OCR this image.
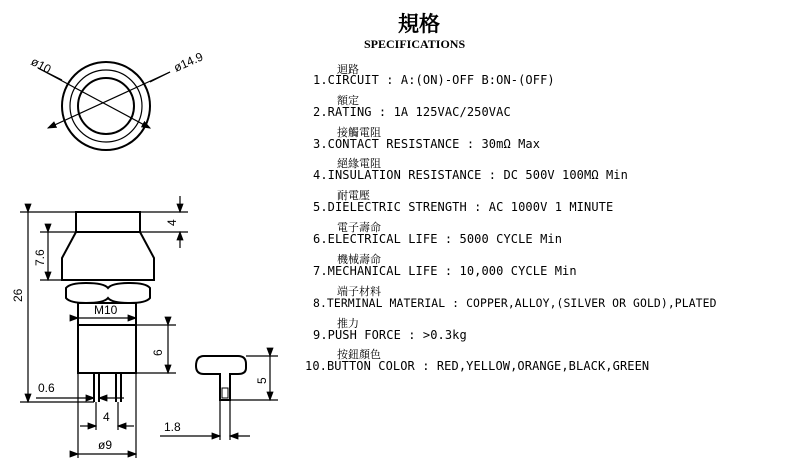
ø10	ø14.9
4
7.6
26
M10
6
5
0.6
4
1.8
ø9
規格
SPECIFICATIONS
迴路
1.CIRCUIT : A:(ON)-OFF B:ON-(OFF)
額定
2.RATING : 1A 125VAC/250VAC
接觸電阻
3.CONTACT RESISTANCE : 30mΩ Max
絕緣電阻
4.INSULATION RESISTANCE : DC 500V 100MΩ Min
耐電壓
5.DIELECTRIC STRENGTH : AC 1000V 1 MINUTE
電子壽命
6.ELECTRICAL LIFE : 5000 CYCLE Min
機械壽命
7.MECHANICAL LIFE : 10,000 CYCLE Min
端子材料
8.TERMINAL MATERIAL : COPPER,ALLOY,(SILVER OR GOLD),PLATED
推力
9.PUSH FORCE : >0.3kg
按鈕顏色
10.BUTTON COLOR : RED,YELLOW,ORANGE,BLACK,GREEN
